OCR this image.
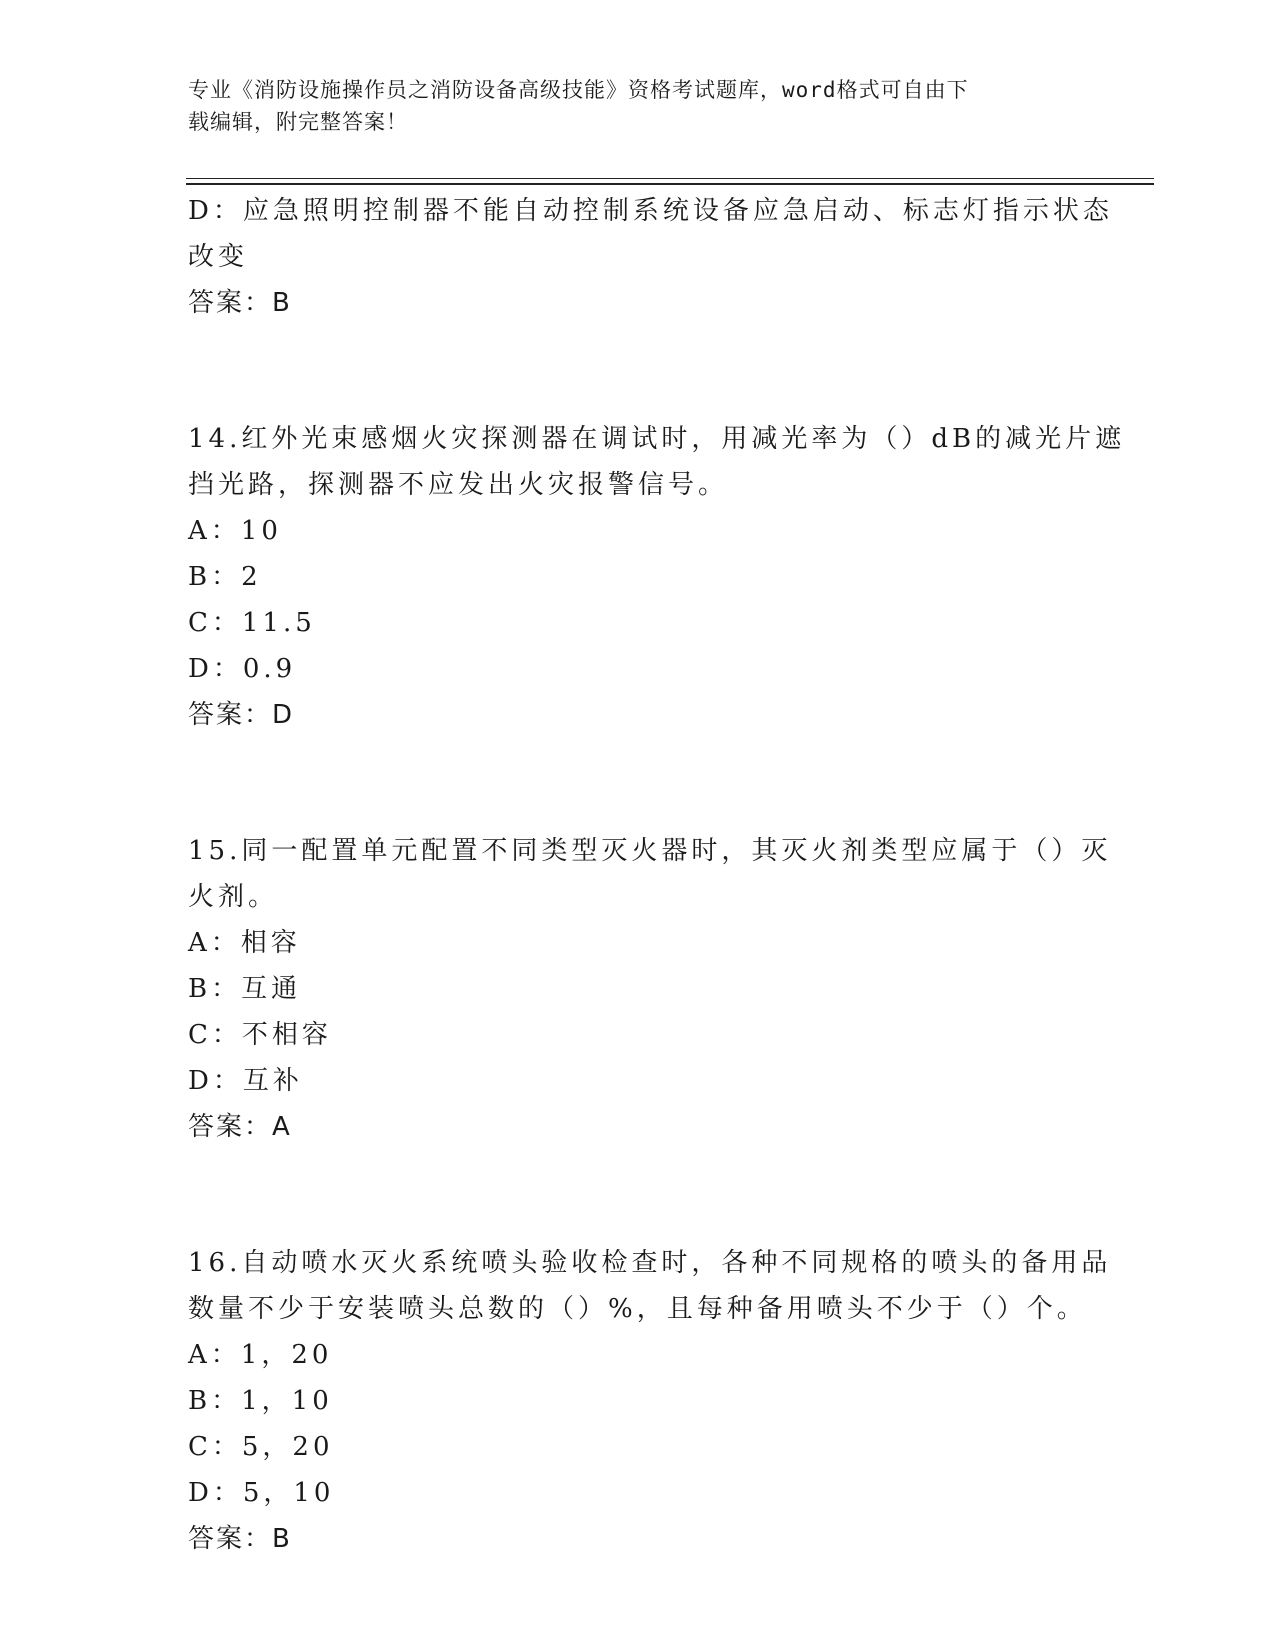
专业《消防设施操作员之消防设备高级技能》资格考试题库，word格式可自由下
载编辑，附完整答案！
D：应急照明控制器不能自动控制系统设备应急启动、标志灯指示状态
改变
答案：B
14.红外光束感烟火灾探测器在调试时，用减光率为（）dB的减光片遮
挡光路，探测器不应发出火灾报警信号。
A：10
B：2
C：11.5
D：0.9
答案：D
15.同一配置单元配置不同类型灭火器时，其灭火剂类型应属于（）灭
火剂。
A：相容
B：互通
C：不相容
D：互补
答案：A
16.自动喷水灭火系统喷头验收检查时，各种不同规格的喷头的备用品
数量不少于安装喷头总数的（）%，且每种备用喷头不少于（）个。
A：1，20
B：1，10
C：5，20
D：5，10
答案：B
